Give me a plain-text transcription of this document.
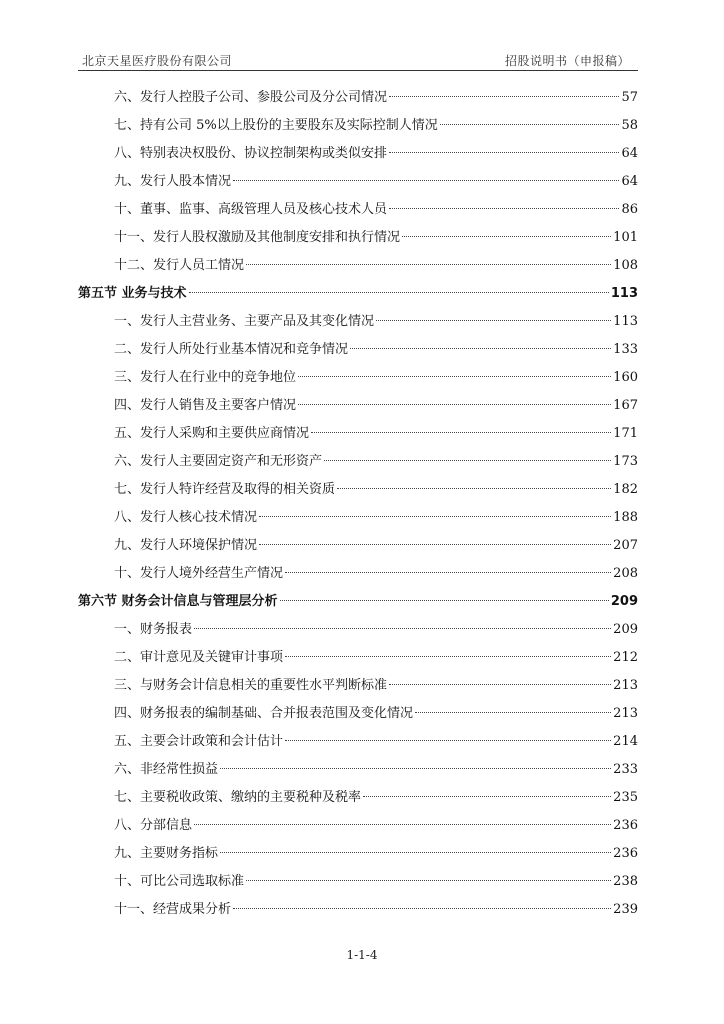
北京天星医疗股份有限公司	招股说明书（申报稿）
六、发行人控股子公司、参股公司及分公司情况	57
七、持有公司 5%以上股份的主要股东及实际控制人情况	58
八、特别表决权股份、协议控制架构或类似安排	64
九、发行人股本情况	64
十、董事、监事、高级管理人员及核心技术人员	86
十一、发行人股权激励及其他制度安排和执行情况	101
十二、发行人员工情况	108
第五节 业务与技术	113
一、发行人主营业务、主要产品及其变化情况	113
二、发行人所处行业基本情况和竞争情况	133
三、发行人在行业中的竞争地位	160
四、发行人销售及主要客户情况	167
五、发行人采购和主要供应商情况	171
六、发行人主要固定资产和无形资产	173
七、发行人特许经营及取得的相关资质	182
八、发行人核心技术情况	188
九、发行人环境保护情况	207
十、发行人境外经营生产情况	208
第六节 财务会计信息与管理层分析	209
一、财务报表	209
二、审计意见及关键审计事项	212
三、与财务会计信息相关的重要性水平判断标准	213
四、财务报表的编制基础、合并报表范围及变化情况	213
五、主要会计政策和会计估计	214
六、非经常性损益	233
七、主要税收政策、缴纳的主要税种及税率	235
八、分部信息	236
九、主要财务指标	236
十、可比公司选取标准	238
十一、经营成果分析	239
1-1-4
